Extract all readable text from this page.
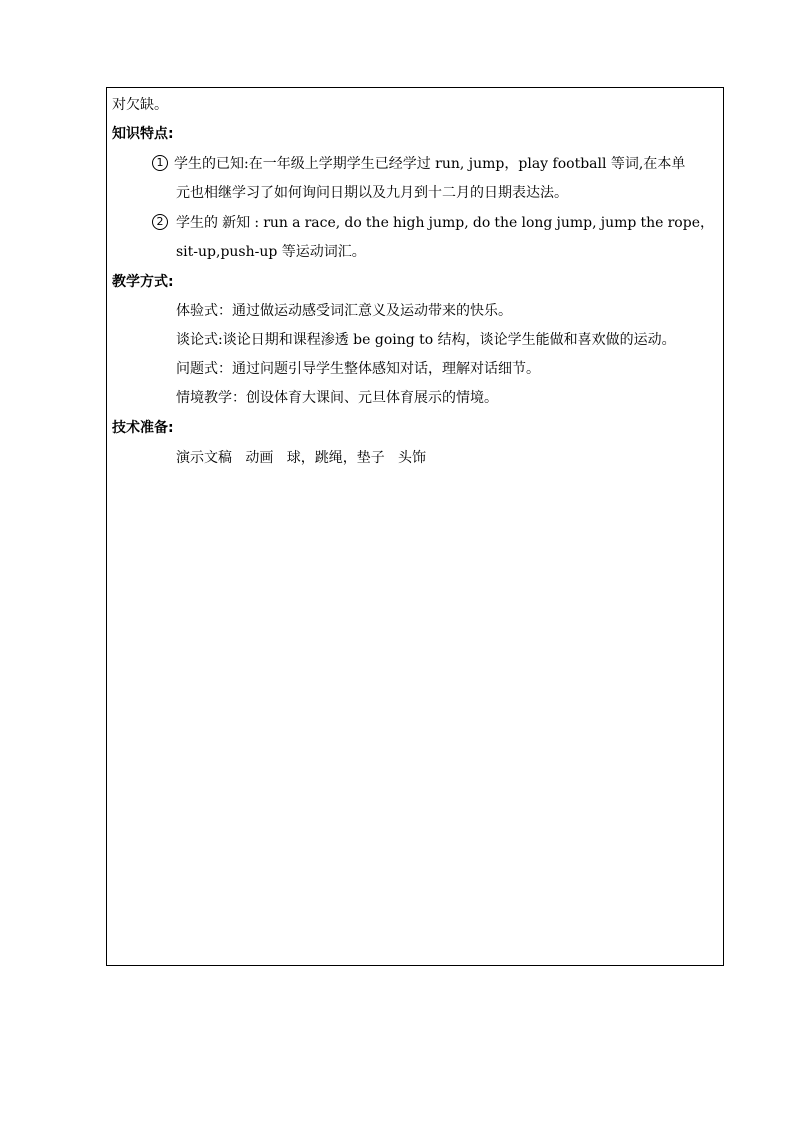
对欠缺。
知识特点:
1 学生的已知:在一年级上学期学生已经学过 run, jump，play football 等词,在本单
元也相继学习了如何询问日期以及九月到十二月的日期表达法。
2 学生的 新知 : run a race, do the high jump, do the long jump, jump the rope，
sit-up,push-up 等运动词汇。
教学方式:
体验式：通过做运动感受词汇意义及运动带来的快乐。
谈论式:谈论日期和课程渗透 be going to 结构，谈论学生能做和喜欢做的运动。
问题式：通过问题引导学生整体感知对话，理解对话细节。
情境教学：创设体育大课间、元旦体育展示的情境。
技术准备:
演示文稿   动画   球，跳绳，垫子   头饰
